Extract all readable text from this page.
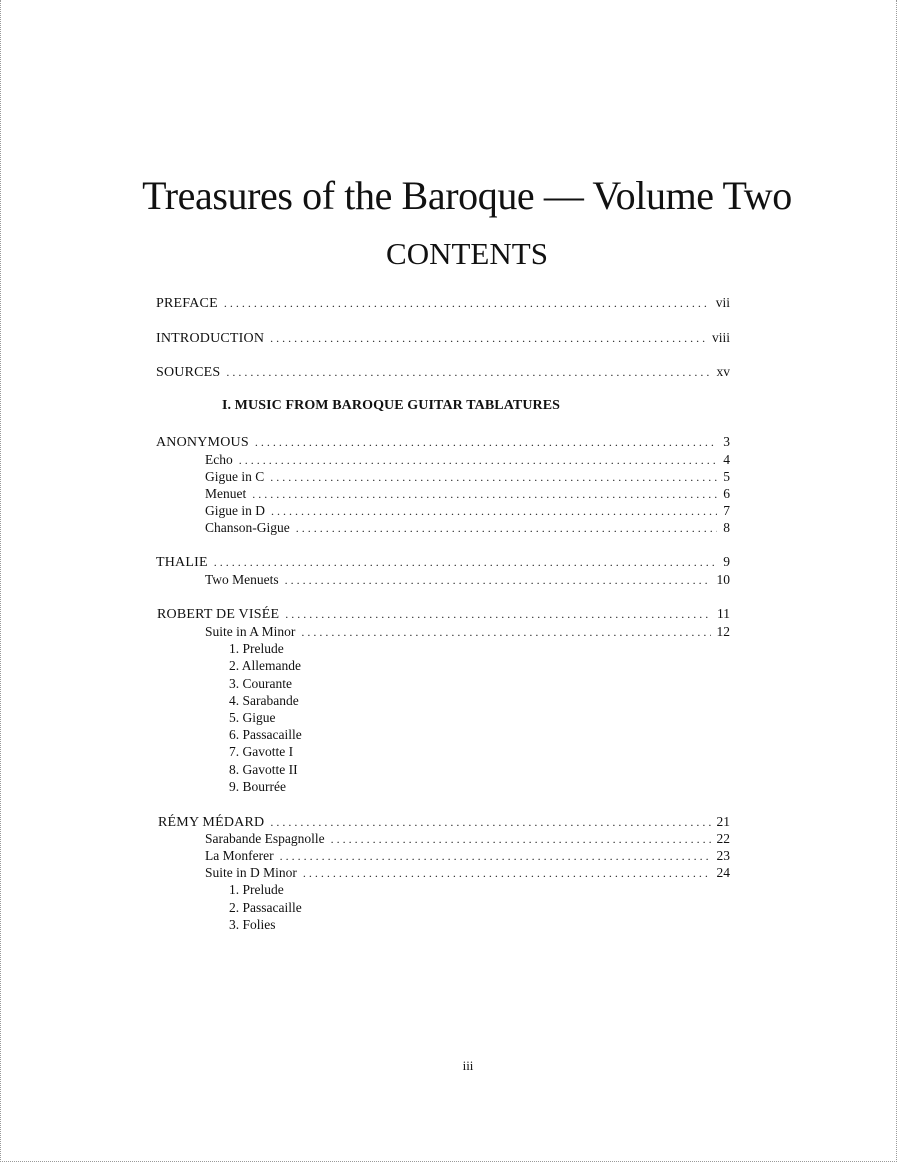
Treasures of the Baroque — Volume Two
CONTENTS
PREFACE . . .	vii
INTRODUCTION . . .	viii
SOURCES . . .	xv
I. MUSIC FROM BAROQUE GUITAR TABLATURES
ANONYMOUS . . .	3
Echo . . .	4
Gigue in C . . .	5
Menuet . . .	6
Gigue in D . . .	7
Chanson-Gigue . . .	8
THALIE . . .	9
Two Menuets . . .	10
ROBERT DE VISÉE . . .	11
Suite in A Minor . . .	12
1. Prelude
2. Allemande
3. Courante
4. Sarabande
5. Gigue
6. Passacaille
7. Gavotte I
8. Gavotte II
9. Bourrée
RÉMY MÉDARD . . .	21
Sarabande Espagnolle . . .	22
La Monferer . . .	23
Suite in D Minor . . .	24
1. Prelude
2. Passacaille
3. Folies
iii
